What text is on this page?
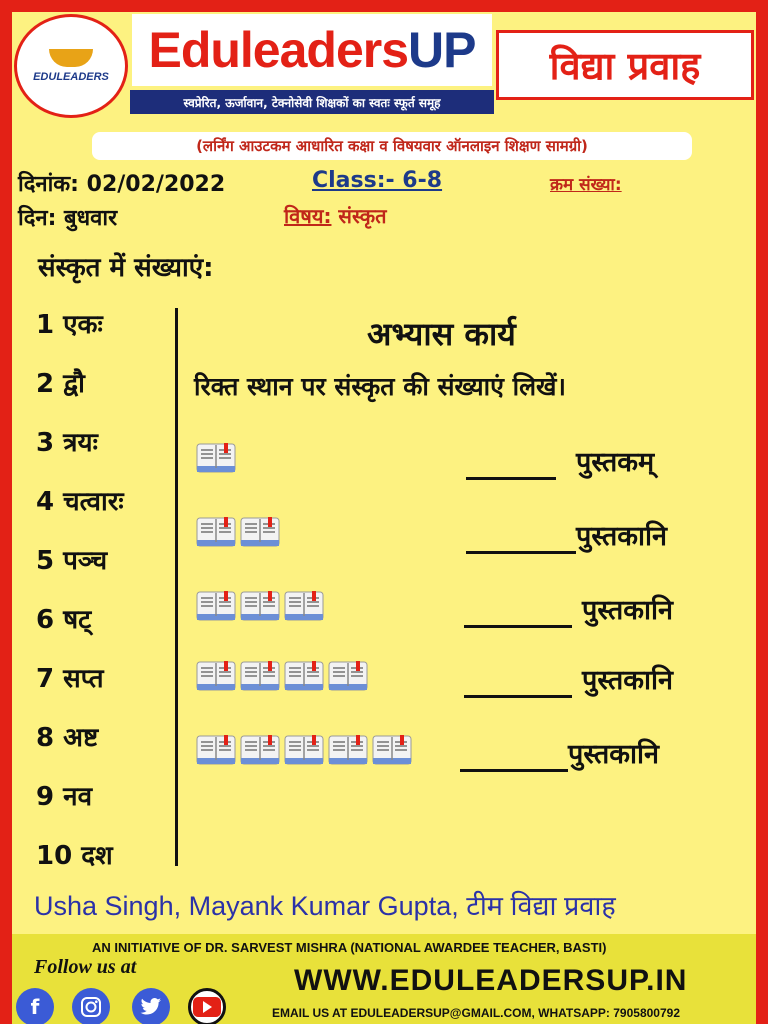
EDULEADERS Eduleaders UP
स्वप्रेरित, ऊर्जावान, टेक्नोसेवी शिक्षकों का स्वतः स्फूर्त समूह
विद्या प्रवाह
(लर्निंग आउटकम आधारित कक्षा व विषयवार ऑनलाइन शिक्षण सामग्री)
दिनांक: 02/02/2022
दिन: बुधवार
Class:- 6-8	क्रम संख्या:
विषय: संस्कृत
संस्कृत में संख्याएं:
1 एकः
2 द्वौ
3 त्रयः
4 चत्वारः
5 पञ्च
6 षट्
7 सप्त
8 अष्ट
9 नव
10 दश
अभ्यास कार्य
रिक्त स्थान पर संस्कृत की संख्याएं लिखें।
पुस्तकम्
पुस्तकानि
पुस्तकानि
पुस्तकानि
पुस्तकानि
Usha Singh, Mayank Kumar Gupta, टीम विद्या प्रवाह
AN INITIATIVE OF DR. SARVEST MISHRA (NATIONAL AWARDEE TEACHER, BASTI)
Follow us at
f
WWW.EDULEADERSUP.IN
EMAIL US AT EDULEADERSUP@GMAIL.COM, WHATSAPP: 7905800792
